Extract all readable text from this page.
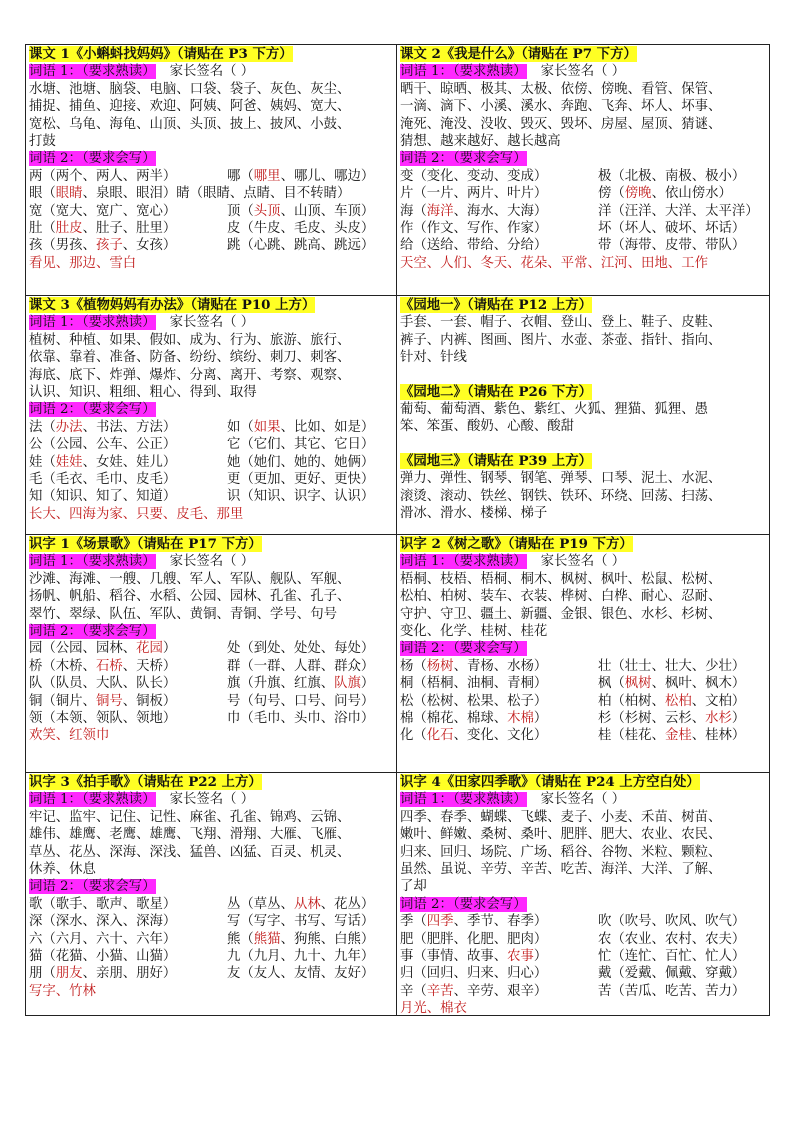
课文 1《小蝌蚪找妈妈》（请贴在 P3 下方）
词语 1：（要求熟读） 家长签名（ ）
水塘、池塘、脑袋、电脑、口袋、袋子、灰色、灰尘、
捕捉、捕鱼、迎接、欢迎、阿姨、阿爸、姨妈、宽大、
宽松、乌龟、海龟、山顶、头顶、披上、披风、小鼓、
打鼓
词语 2：（要求会写）
两（两个、两人、两半）	哪（哪里、哪儿、哪边）
眼（眼睛、泉眼、眼泪）睛（眼睛、点睛、目不转睛）
宽（宽大、宽广、宽心）	顶（头顶、山顶、车顶）
肚（肚皮、肚子、肚里）	皮（牛皮、毛皮、头皮）
孩（男孩、孩子、女孩）	跳（心跳、跳高、跳远）
看见、那边、雪白
课文 2《我是什么》（请贴在 P7 下方）
词语 1：（要求熟读） 家长签名（ ）
晒干、晾晒、极其、太极、依傍、傍晚、看管、保管、
一滴、滴下、小溪、溪水、奔跑、飞奔、坏人、坏事、
淹死、淹没、没收、毁灭、毁坏、房屋、屋顶、猜谜、
猜想、越来越好、越长越高
词语 2：（要求会写）
变（变化、变动、变成）	极（北极、南极、极小）
片（一片、两片、叶片）	傍（傍晚、依山傍水）
海（海洋、海水、大海）	洋（汪洋、大洋、太平洋）
作（作文、写作、作家）	坏（坏人、破坏、坏话）
给（送给、带给、分给）	带（海带、皮带、带队）
天空、人们、冬天、花朵、平常、江河、田地、工作
课文 3《植物妈妈有办法》（请贴在 P10 上方）
词语 1：（要求熟读） 家长签名（ ）
植树、种植、如果、假如、成为、行为、旅游、旅行、
依靠、靠着、准备、防备、纷纷、缤纷、刺刀、刺客、
海底、底下、炸弹、爆炸、分离、离开、考察、观察、
认识、知识、粗细、粗心、得到、取得
词语 2：（要求会写）
法（办法、书法、方法）	如（如果、比如、如是）
公（公园、公车、公正）	它（它们、其它、它日）
娃（娃娃、女娃、娃儿）	她（她们、她的、她俩）
毛（毛衣、毛巾、皮毛）	更（更加、更好、更快）
知（知识、知了、知道）	识（知识、识字、认识）
长大、四海为家、只要、皮毛、那里
《园地一》（请贴在 P12 上方）
手套、一套、帽子、衣帽、登山、登上、鞋子、皮鞋、
裤子、内裤、图画、图片、水壶、茶壶、指针、指向、
针对、针线
《园地二》（请贴在 P26 下方）
葡萄、葡萄酒、紫色、紫红、火狐、狸猫、狐狸、愚
笨、笨蛋、酸奶、心酸、酸甜
《园地三》（请贴在 P39 上方）
弹力、弹性、钢琴、钢笔、弹琴、口琴、泥土、水泥、
滚烫、滚动、铁丝、钢铁、铁环、环绕、回荡、扫荡、
滑冰、滑水、楼梯、梯子
识字 1《场景歌》（请贴在 P17 下方）
词语 1：（要求熟读） 家长签名（ ）
沙滩、海滩、一艘、几艘、军人、军队、舰队、军舰、
扬帆、帆船、稻谷、水稻、公园、园林、孔雀、孔子、
翠竹、翠绿、队伍、军队、黄铜、青铜、学号、句号
词语 2：（要求会写）
园（公园、园林、花园）	处（到处、处处、每处）
桥（木桥、石桥、天桥）	群（一群、人群、群众）
队（队员、大队、队长）	旗（升旗、红旗、队旗）
铜（铜片、铜号、铜板）	号（句号、口号、问号）
领（本领、领队、领地）	巾（毛巾、头巾、浴巾）
欢笑、红领巾
识字 2《树之歌》（请贴在 P19 下方）
词语 1：（要求熟读） 家长签名（ ）
梧桐、枝梧、梧桐、桐木、枫树、枫叶、松鼠、松树、
松柏、柏树、装车、衣装、桦树、白桦、耐心、忍耐、
守护、守卫、疆土、新疆、金银、银色、水杉、杉树、
变化、化学、桂树、桂花
词语 2：（要求会写）
杨（杨树、青杨、水杨）	壮（壮士、壮大、少壮）
桐（梧桐、油桐、青桐）	枫（枫树、枫叶、枫木）
松（松树、松果、松子）	柏（柏树、松柏、文柏）
棉（棉花、棉球、木棉）	杉（杉树、云杉、水杉）
化（化石、变化、文化）	桂（桂花、金桂、桂林）
识字 3《拍手歌》（请贴在 P22 上方）
词语 1：（要求熟读） 家长签名（ ）
牢记、监牢、记住、记性、麻雀、孔雀、锦鸡、云锦、
雄伟、雄鹰、老鹰、雄鹰、飞翔、滑翔、大雁、飞雁、
草丛、花丛、深海、深浅、猛兽、凶猛、百灵、机灵、
休养、休息
词语 2：（要求会写）
歌（歌手、歌声、歌星）	丛（草丛、从林、花丛）
深（深水、深入、深海）	写（写字、书写、写话）
六（六月、六十、六年）	熊（熊猫、狗熊、白熊）
猫（花猫、小猫、山猫）	九（九月、九十、九年）
朋（朋友、亲朋、朋好）	友（友人、友情、友好）
写字、竹林
识字 4《田家四季歌》（请贴在 P24 上方空白处）
词语 1：（要求熟读） 家长签名（ ）
四季、春季、蝴蝶、飞蝶、麦子、小麦、禾苗、树苗、
嫩叶、鲜嫩、桑树、桑叶、肥胖、肥大、农业、农民、
归来、回归、场院、广场、稻谷、谷物、米粒、颗粒、
虽然、虽说、辛劳、辛苦、吃苦、海洋、大洋、了解、
了却
词语 2：（要求会写）
季（四季、季节、春季）	吹（吹号、吹风、吹气）
肥（肥胖、化肥、肥肉）	农（农业、农村、农夫）
事（事情、故事、农事）	忙（连忙、百忙、忙人）
归（回归、归来、归心）	戴（爱戴、佩戴、穿戴）
辛（辛苦、辛劳、艰辛）	苦（苦瓜、吃苦、苦力）
月光、棉衣
